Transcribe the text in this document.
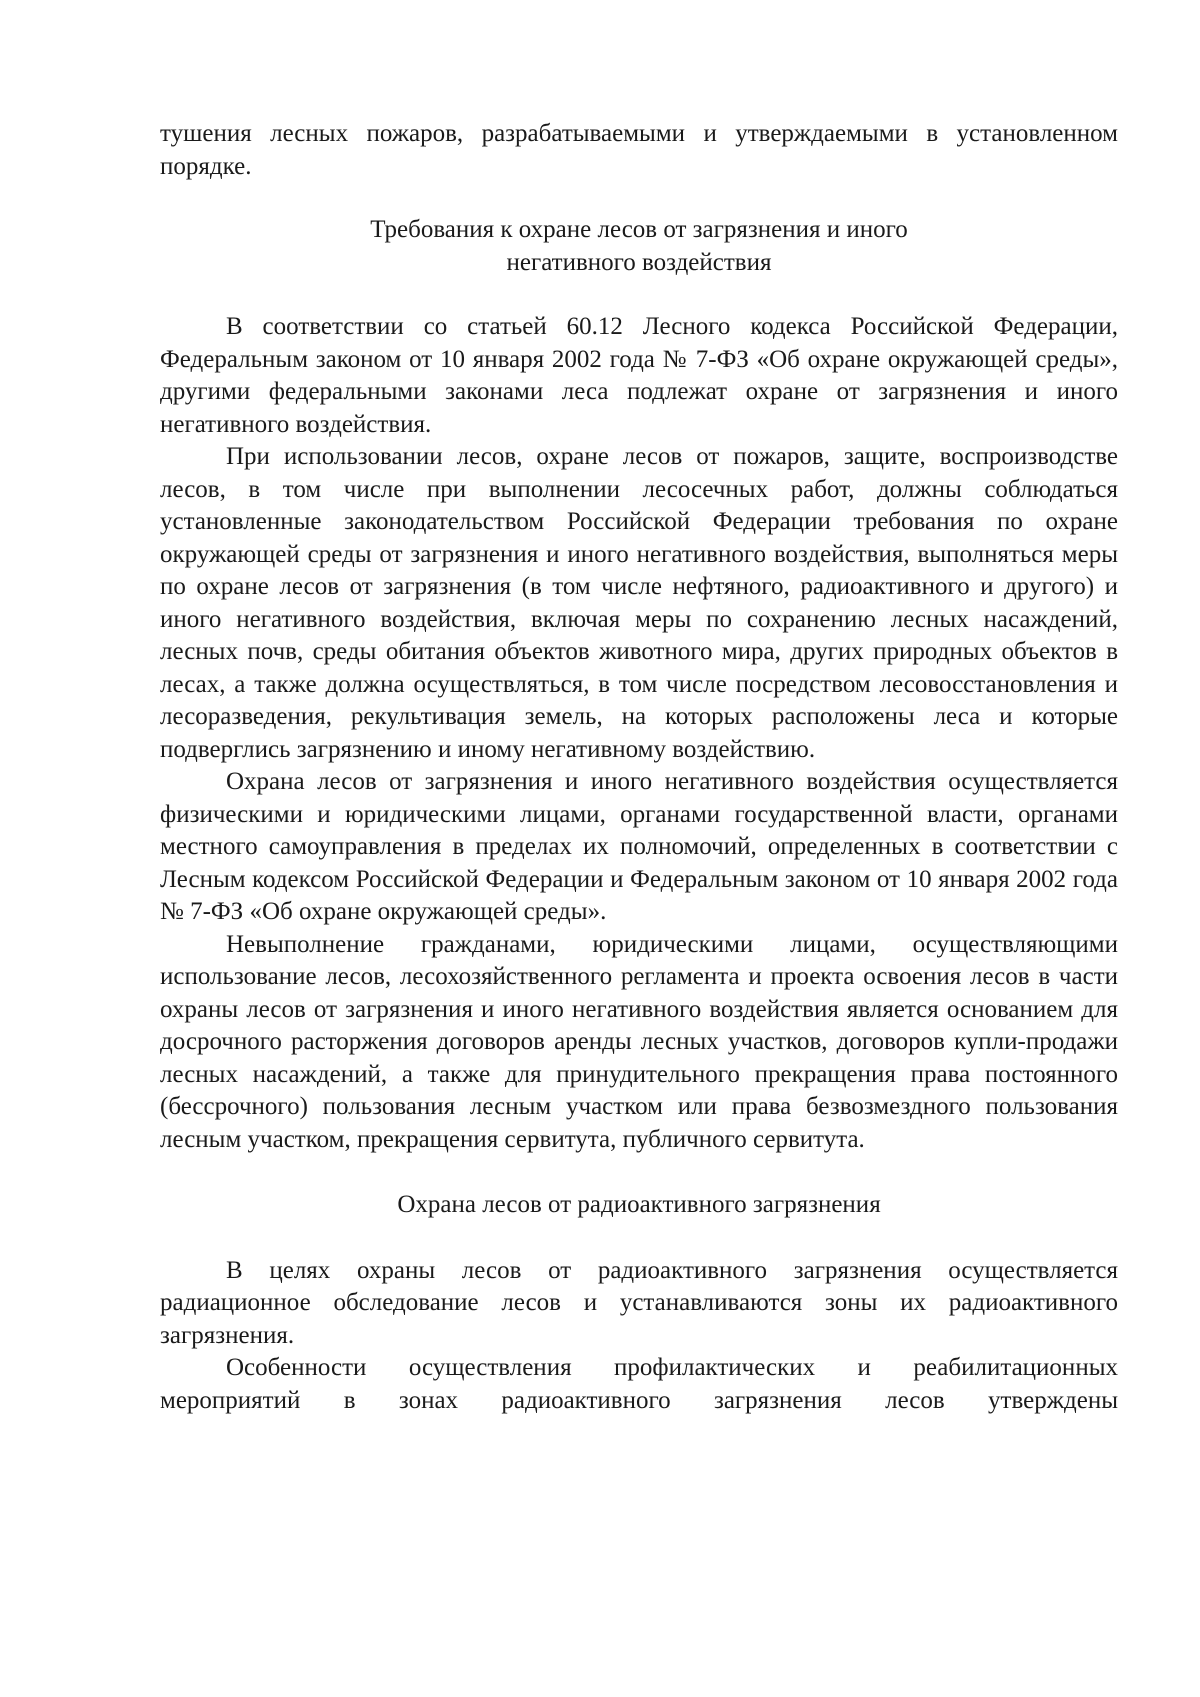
тушения лесных пожаров, разрабатываемыми и утверждаемыми в установленном порядке.

Требования к охране лесов от загрязнения и иного
негативного воздействия

В соответствии со статьей 60.12 Лесного кодекса Российской Федерации, Федеральным законом от 10 января 2002 года № 7-ФЗ «Об охране окружающей среды», другими федеральными законами леса подлежат охране от загрязнения и иного негативного воздействия.

При использовании лесов, охране лесов от пожаров, защите, воспроизводстве лесов, в том числе при выполнении лесосечных работ, должны соблюдаться установленные законодательством Российской Федерации требования по охране окружающей среды от загрязнения и иного негативного воздействия, выполняться меры по охране лесов от загрязнения (в том числе нефтяного, радиоактивного и другого) и иного негативного воздействия, включая меры по сохранению лесных насаждений, лесных почв, среды обитания объектов животного мира, других природных объектов в лесах, а также должна осуществляться, в том числе посредством лесовосстановления и лесоразведения, рекультивация земель, на которых расположены леса и которые подверглись загрязнению и иному негативному воздействию.

Охрана лесов от загрязнения и иного негативного воздействия осуществляется физическими и юридическими лицами, органами государственной власти, органами местного самоуправления в пределах их полномочий, определенных в соответствии с Лесным кодексом Российской Федерации и Федеральным законом от 10 января 2002 года № 7-ФЗ «Об охране окружающей среды».

Невыполнение гражданами, юридическими лицами, осуществляющими использование лесов, лесохозяйственного регламента и проекта освоения лесов в части охраны лесов от загрязнения и иного негативного воздействия является основанием для досрочного расторжения договоров аренды лесных участков, договоров купли-продажи лесных насаждений, а также для принудительного прекращения права постоянного (бессрочного) пользования лесным участком или права безвозмездного пользования лесным участком, прекращения сервитута, публичного сервитута.

Охрана лесов от радиоактивного загрязнения

В целях охраны лесов от радиоактивного загрязнения осуществляется радиационное обследование лесов и устанавливаются зоны их радиоактивного загрязнения.

Особенности осуществления профилактических и реабилитационных мероприятий в зонах радиоактивного загрязнения лесов утверждены
